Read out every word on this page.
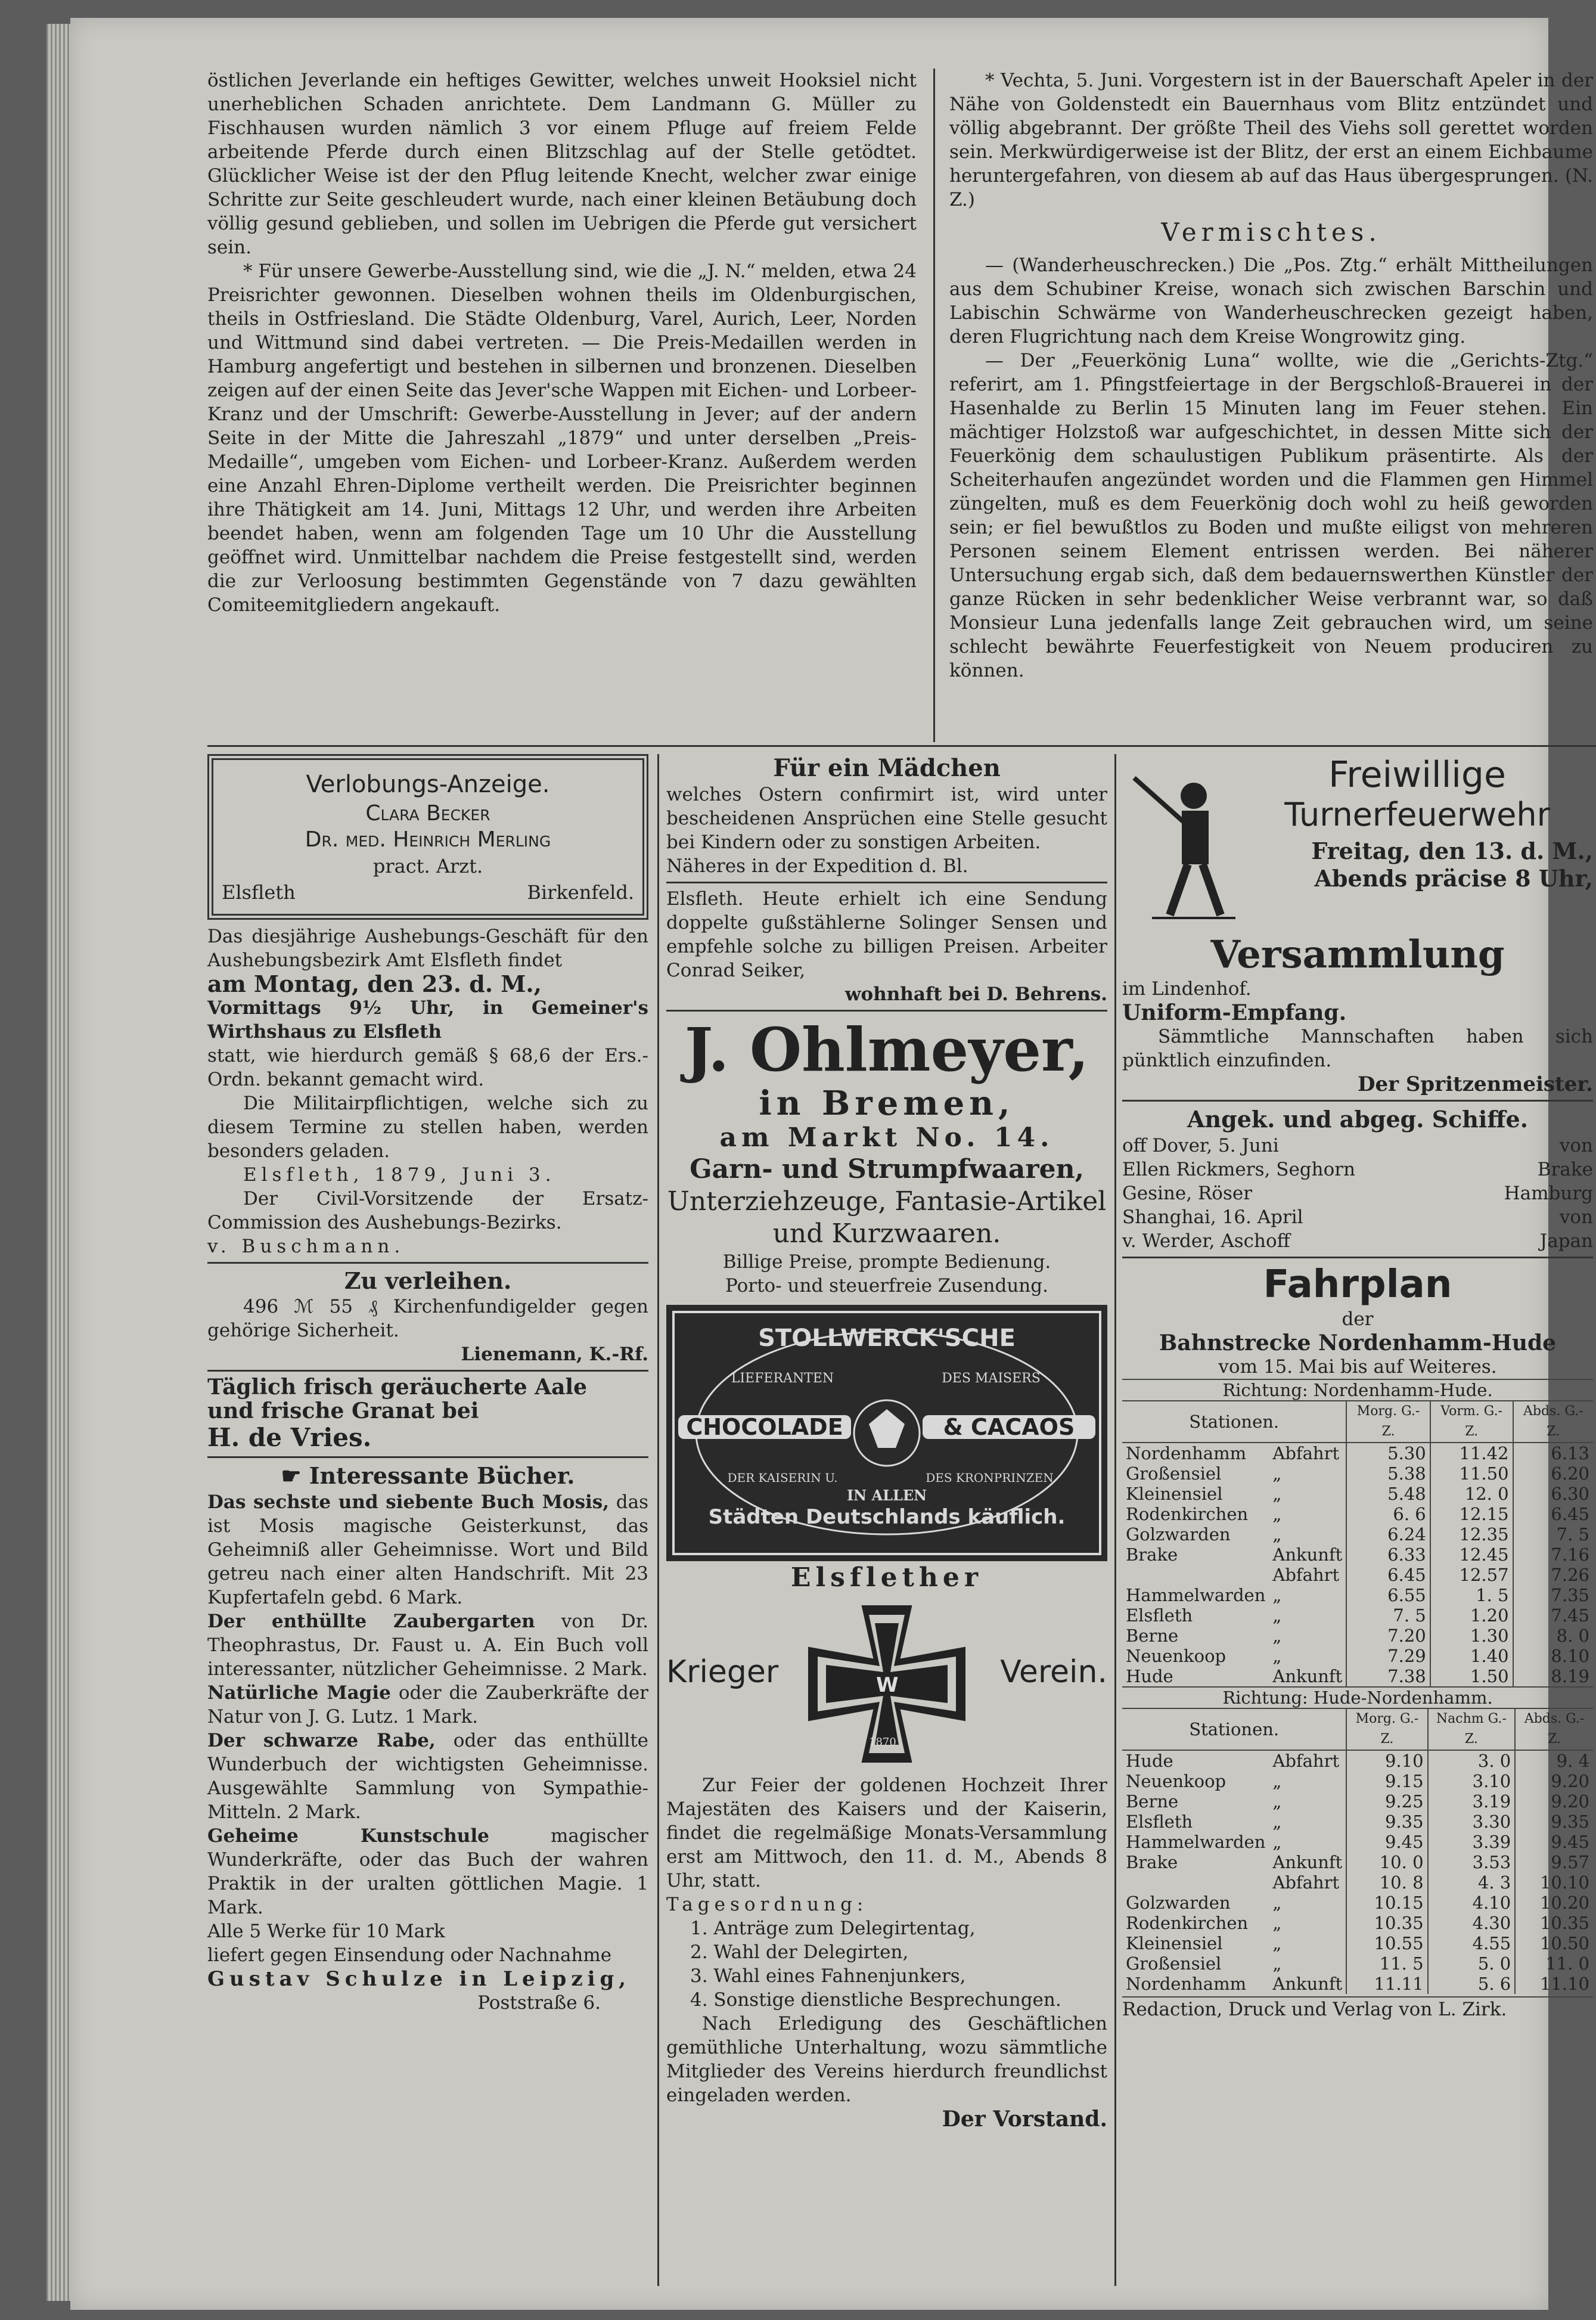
östlichen Jeverlande ein heftiges Gewitter, welches unweit Hooksiel nicht unerheblichen Schaden anrichtete. Dem Landmann G. Müller zu Fischhausen wurden nämlich 3 vor einem Pfluge auf freiem Felde arbeitende Pferde durch einen Blitzschlag auf der Stelle getödtet. Glücklicher Weise ist der den Pflug leitende Knecht, welcher zwar einige Schritte zur Seite geschleudert wurde, nach einer kleinen Betäubung doch völlig gesund geblieben, und sollen im Uebrigen die Pferde gut versichert sein.

* Für unsere Gewerbe-Ausstellung sind, wie die „J. N.“ melden, etwa 24 Preisrichter gewonnen. Dieselben wohnen theils im Oldenburgischen, theils in Ostfriesland. Die Städte Oldenburg, Varel, Aurich, Leer, Norden und Wittmund sind dabei vertreten. — Die Preis-Medaillen werden in Hamburg angefertigt und bestehen in silbernen und bronzenen. Dieselben zeigen auf der einen Seite das Jever'sche Wappen mit Eichen- und Lorbeer-Kranz und der Umschrift: Gewerbe-Ausstellung in Jever; auf der andern Seite in der Mitte die Jahreszahl „1879“ und unter derselben „Preis-Medaille“, umgeben vom Eichen- und Lorbeer-Kranz. Außerdem werden eine Anzahl Ehren-Diplome vertheilt werden. Die Preisrichter beginnen ihre Thätigkeit am 14. Juni, Mittags 12 Uhr, und werden ihre Arbeiten beendet haben, wenn am folgenden Tage um 10 Uhr die Ausstellung geöffnet wird. Unmittelbar nachdem die Preise festgestellt sind, werden die zur Verloosung bestimmten Gegenstände von 7 dazu gewählten Comiteemitgliedern angekauft.

* Vechta, 5. Juni. Vorgestern ist in der Bauerschaft Apeler in der Nähe von Goldenstedt ein Bauernhaus vom Blitz entzündet und völlig abgebrannt. Der größte Theil des Viehs soll gerettet worden sein. Merkwürdigerweise ist der Blitz, der erst an einem Eichbaume heruntergefahren, von diesem ab auf das Haus übergesprungen. (N. Z.)

Vermischtes.

— (Wanderheuschrecken.) Die „Pos. Ztg.“ erhält Mittheilungen aus dem Schubiner Kreise, wonach sich zwischen Barschin und Labischin Schwärme von Wanderheuschrecken gezeigt haben, deren Flugrichtung nach dem Kreise Wongrowitz ging.

— Der „Feuerkönig Luna“ wollte, wie die „Gerichts-Ztg.“ referirt, am 1. Pfingstfeiertage in der Bergschloß-Brauerei in der Hasenhalde zu Berlin 15 Minuten lang im Feuer stehen. Ein mächtiger Holzstoß war aufgeschichtet, in dessen Mitte sich der Feuerkönig dem schaulustigen Publikum präsentirte. Als der Scheiterhaufen angezündet worden und die Flammen gen Himmel züngelten, muß es dem Feuerkönig doch wohl zu heiß geworden sein; er fiel bewußtlos zu Boden und mußte eiligst von mehreren Personen seinem Element entrissen werden. Bei näherer Untersuchung ergab sich, daß dem bedauernswerthen Künstler der ganze Rücken in sehr bedenklicher Weise verbrannt war, so daß Monsieur Luna jedenfalls lange Zeit gebrauchen wird, um seine schlecht bewährte Feuerfestigkeit von Neuem produciren zu können.

Verlobungs-Anzeige.
Clara Becker
Dr. med. Heinrich Merling
pract. Arzt.
Elsfleth	Birkenfeld.

Das diesjährige Aushebungs-Geschäft für den Aushebungsbezirk Amt Elsfleth findet

am Montag, den 23. d. M.,

Vormittags 9½ Uhr, in Gemeiner's Wirthshaus zu Elsfleth

statt, wie hierdurch gemäß § 68,6 der Ers.-Ordn. bekannt gemacht wird.

Die Militairpflichtigen, welche sich zu diesem Termine zu stellen haben, werden besonders geladen.

Elsfleth, 1879, Juni 3.

Der Civil-Vorsitzende der Ersatz-Commission des Aushebungs-Bezirks.

v. Buschmann.

Zu verleihen.

496 ℳ 55 ₰ Kirchenfundigelder gegen gehörige Sicherheit.

Lienemann, K.-Rf.

Täglich frisch geräucherte Aale

und frische Granat bei

H. de Vries.

☛ Interessante Bücher.

Das sechste und siebente Buch Mosis, das ist Mosis magische Geisterkunst, das Geheimniß aller Geheimnisse. Wort und Bild getreu nach einer alten Handschrift. Mit 23 Kupfertafeln gebd. 6 Mark.

Der enthüllte Zaubergarten von Dr. Theophrastus, Dr. Faust u. A. Ein Buch voll interessanter, nützlicher Geheimnisse. 2 Mark.

Natürliche Magie oder die Zauberkräfte der Natur von J. G. Lutz. 1 Mark.

Der schwarze Rabe, oder das enthüllte Wunderbuch der wichtigsten Geheimnisse. Ausgewählte Sammlung von Sympathie-Mitteln. 2 Mark.

Geheime Kunstschule magischer Wunderkräfte, oder das Buch der wahren Praktik in der uralten göttlichen Magie. 1 Mark.

Alle 5 Werke für 10 Mark

liefert gegen Einsendung oder Nachnahme

Gustav Schulze in Leipzig,

Poststraße 6.

Für ein Mädchen

welches Ostern confirmirt ist, wird unter bescheidenen Ansprüchen eine Stelle gesucht bei Kindern oder zu sonstigen Arbeiten.

Näheres in der Expedition d. Bl.

Elsfleth. Heute erhielt ich eine Sendung doppelte gußstählerne Solinger Sensen und empfehle solche zu billigen Preisen. Arbeiter Conrad Seiker,

wohnhaft bei D. Behrens.

J. Ohlmeyer,
in Bremen,
am Markt No. 14.
Garn- und Strumpfwaaren,
Unterziehzeuge, Fantasie-Artikel
und Kurzwaaren.
Billige Preise, prompte Bedienung.
Porto- und steuerfreie Zusendung.
STOLLWERCK'SCHE
LIEFERANTEN	DES MAISERS
CHOCOLADE	& CACAOS
DER KAISERIN U.	DES KRONPRINZEN.
IN ALLEN
Städten Deutschlands käuflich.
Elsflether
Krieger	Verein.
W
1870

Zur Feier der goldenen Hochzeit Ihrer Majestäten des Kaisers und der Kaiserin, findet die regelmäßige Monats-Versammlung erst am Mittwoch, den 11. d. M., Abends 8 Uhr, statt.

Tagesordnung:

1. Anträge zum Delegirtentag,
2. Wahl der Delegirten,
3. Wahl eines Fahnenjunkers,
4. Sonstige dienstliche Besprechungen.

Nach Erledigung des Geschäftlichen gemüthliche Unterhaltung, wozu sämmtliche Mitglieder des Vereins hierdurch freundlichst eingeladen werden.

Der Vorstand.

Freiwillige
Turnerfeuerwehr
Freitag, den 13. d. M.,
Abends präcise 8 Uhr,
Versammlung

im Lindenhof.

Uniform-Empfang.

Sämmtliche Mannschaften haben sich pünktlich einzufinden.

Der Spritzenmeister.

Angek. und abgeg. Schiffe.
off Dover, 5. Juni	von
Ellen Rickmers, Seghorn	Brake
Gesine, Röser	Hamburg
Shanghai, 16. April	von
v. Werder, Aschoff	Japan
Fahrplan
der
Bahnstrecke Nordenhamm-Hude
vom 15. Mai bis auf Weiteres.
Richtung: Nordenhamm-Hude.				
Stationen.		Morg. G.-Z.	Vorm. G.-Z.	Abds. G.-Z.
Nordenhamm	Abfahrt	5.30	11.42	6.13
Großensiel	„	5.38	11.50	6.20
Kleinensiel	„	5.48	12. 0	6.30
Rodenkirchen	„	6. 6	12.15	6.45
Golzwarden	„	6.24	12.35	7. 5
Brake	Ankunft	6.33	12.45	7.16
	Abfahrt	6.45	12.57	7.26
Hammelwarden	„	6.55	1. 5	7.35
Elsfleth	„	7. 5	1.20	7.45
Berne	„	7.20	1.30	8. 0
Neuenkoop	„	7.29	1.40	8.10
Hude	Ankunft	7.38	1.50	8.19
Richtung: Hude-Nordenhamm.				
Stationen.		Morg. G.-Z.	Nachm G.-Z.	Abds. G.-Z.
Hude	Abfahrt	9.10	3. 0	9. 4
Neuenkoop	„	9.15	3.10	9.20
Berne	„	9.25	3.19	9.20
Elsfleth	„	9.35	3.30	9.35
Hammelwarden	„	9.45	3.39	9.45
Brake	Ankunft	10. 0	3.53	9.57
	Abfahrt	10. 8	4. 3	10.10
Golzwarden	„	10.15	4.10	10.20
Rodenkirchen	„	10.35	4.30	10.35
Kleinensiel	„	10.55	4.55	10.50
Großensiel	„	11. 5	5. 0	11. 0
Nordenhamm	Ankunft	11.11	5. 6	11.10
Redaction, Druck und Verlag von L. Zirk.
